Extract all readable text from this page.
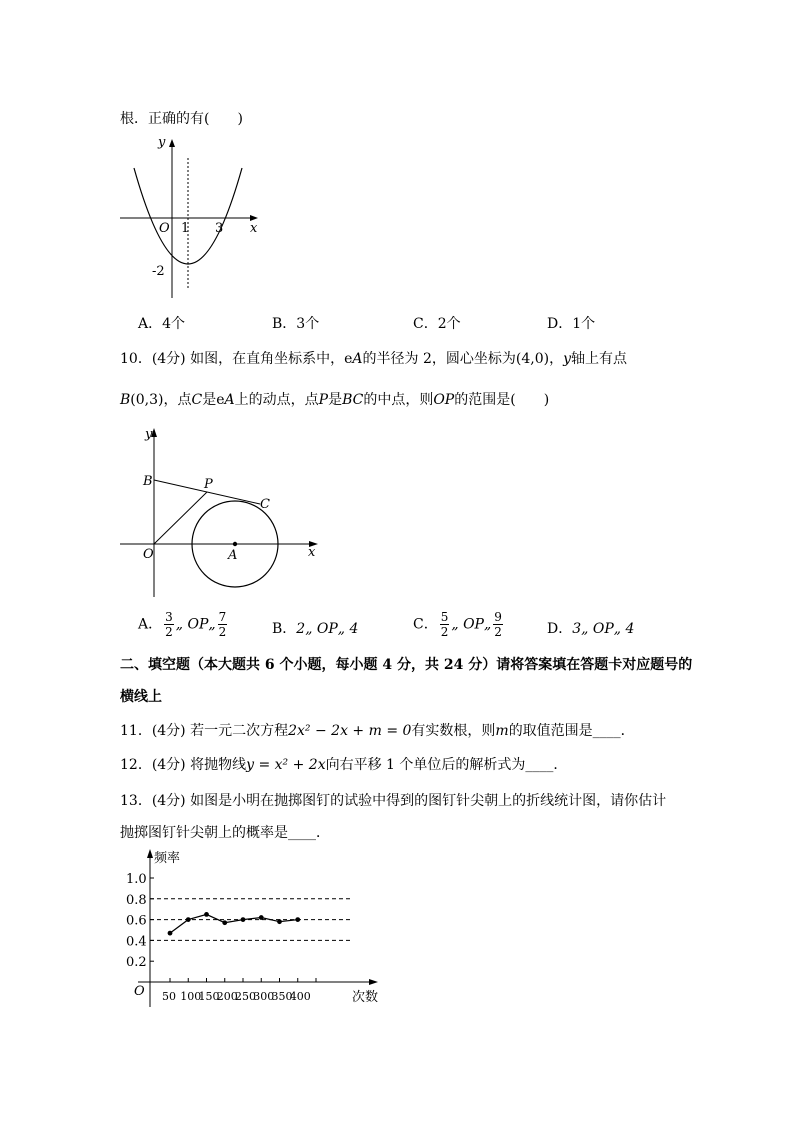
根．正确的有(　　)
y
x
O 1 3
-2
A．4个	B．3个	C．2个	D．1个
10．(4分) 如图，在直角坐标系中，eA的半径为 2，圆心坐标为(4,0)，y轴上有点
B(0,3)，点C是eA上的动点，点P是BC的中点，则OP的范围是(　　)
y
x
O
B	P
C
A
A． $\frac{3}{2}$ „ OP„ $\frac{7}{2}$	B．2„ OP„ 4	C． $\frac{5}{2}$ „ OP„ $\frac{9}{2}$	D．3„ OP„ 4
二、填空题（本大题共 6 个小题，每小题 4 分，共 24 分）请将答案填在答题卡对应题号的
横线上
11．(4分) 若一元二次方程2x² − 2x + m = 0有实数根，则m的取值范围是____．
12．(4分) 将抛物线y = x² + 2x向右平移 1 个单位后的解析式为____．
13．(4分) 如图是小明在抛掷图钉的试验中得到的图钉针尖朝上的折线统计图，请你估计
抛掷图钉针尖朝上的概率是____．
频率
次数
O
1.0
0.8
0.6
0.4
0.2
50 100
150
200
250
300
350
400
